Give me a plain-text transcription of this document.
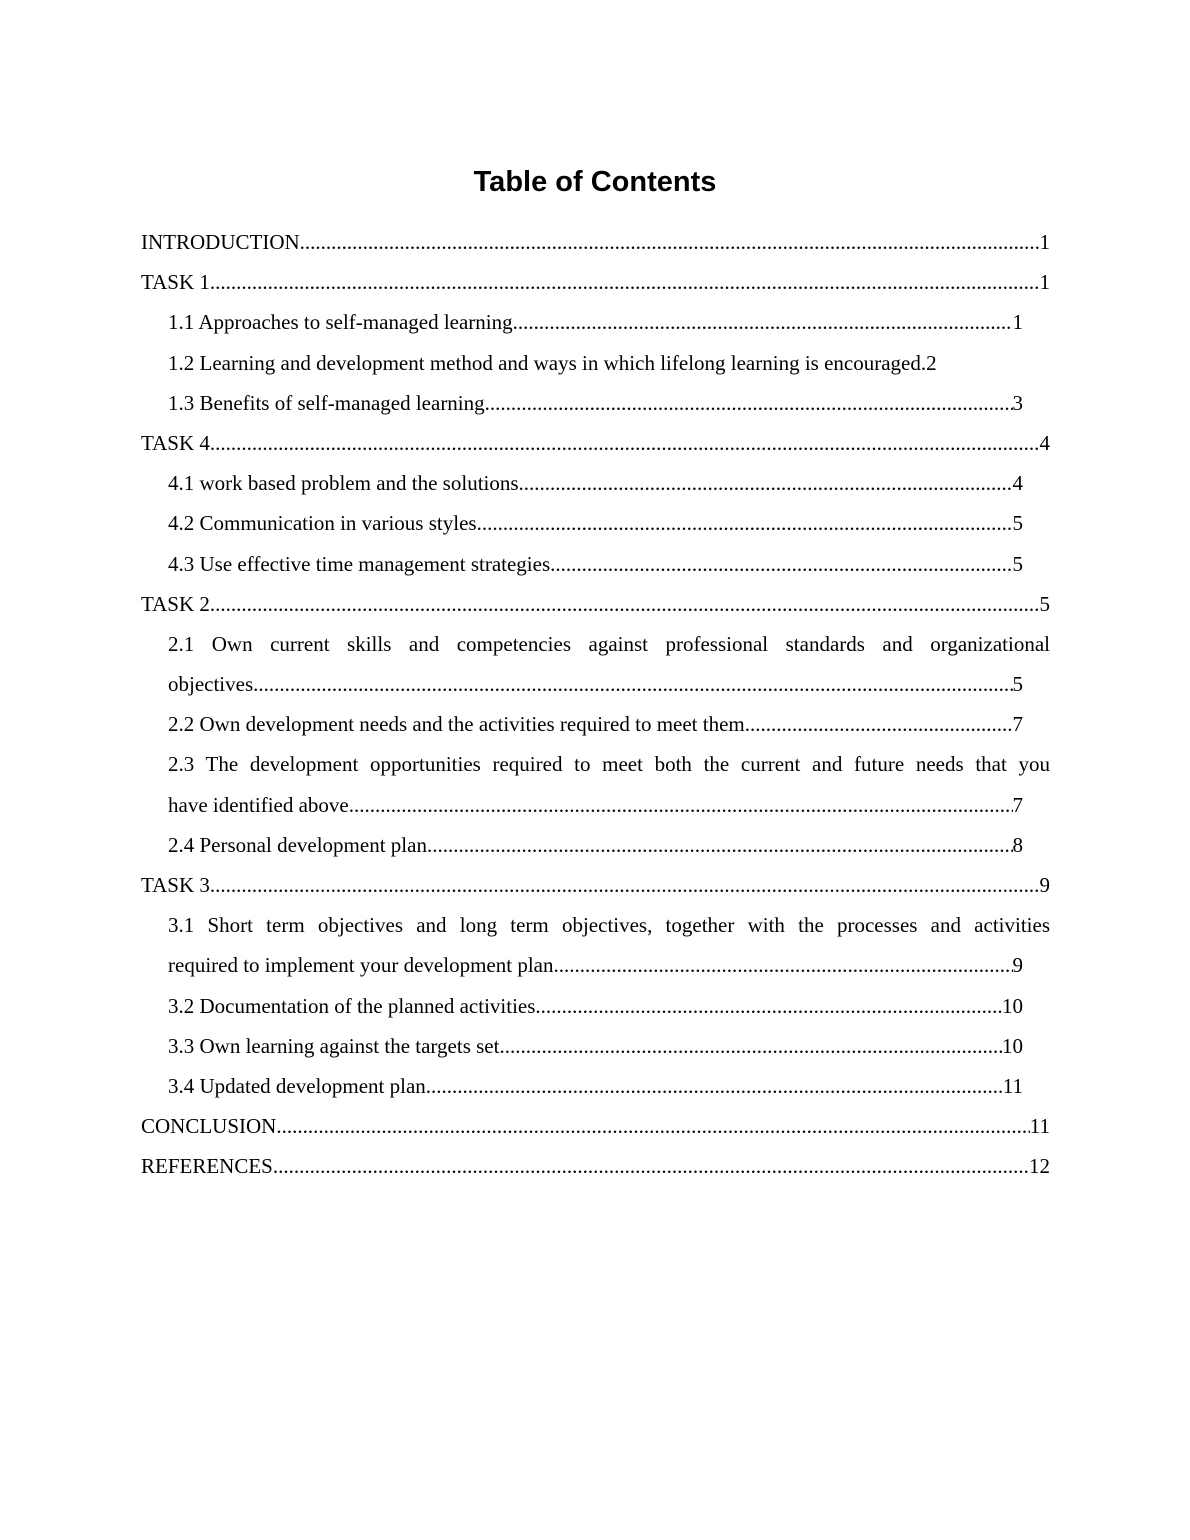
Table of Contents
INTRODUCTION .....	1
TASK 1 .....	1
1.1 Approaches to self-managed learning .....	1
1.2 Learning and development method and ways in which lifelong learning is encouraged. 2
1.3 Benefits of self-managed learning .....	3
TASK 4 .....	4
4.1 work based problem and the solutions .....	4
4.2 Communication in various styles .....	5
4.3 Use effective time management strategies .....	5
TASK 2 .....	5
2.1 Own current skills and competencies against professional standards and organizational
objectives .....	5
2.2 Own development needs and the activities required to meet them .....	7
2.3 The development opportunities required to meet both the current and future needs that you
have identified above .....	7
2.4 Personal development plan .....	8
TASK 3 .....	9
3.1 Short term objectives and long term objectives, together with the processes and activities
required to implement your development plan .....	9
3.2 Documentation of the planned activities .....	10
3.3 Own learning against the targets set .....	10
3.4 Updated development plan .....	11
CONCLUSION .....	11
REFERENCES .....	12
